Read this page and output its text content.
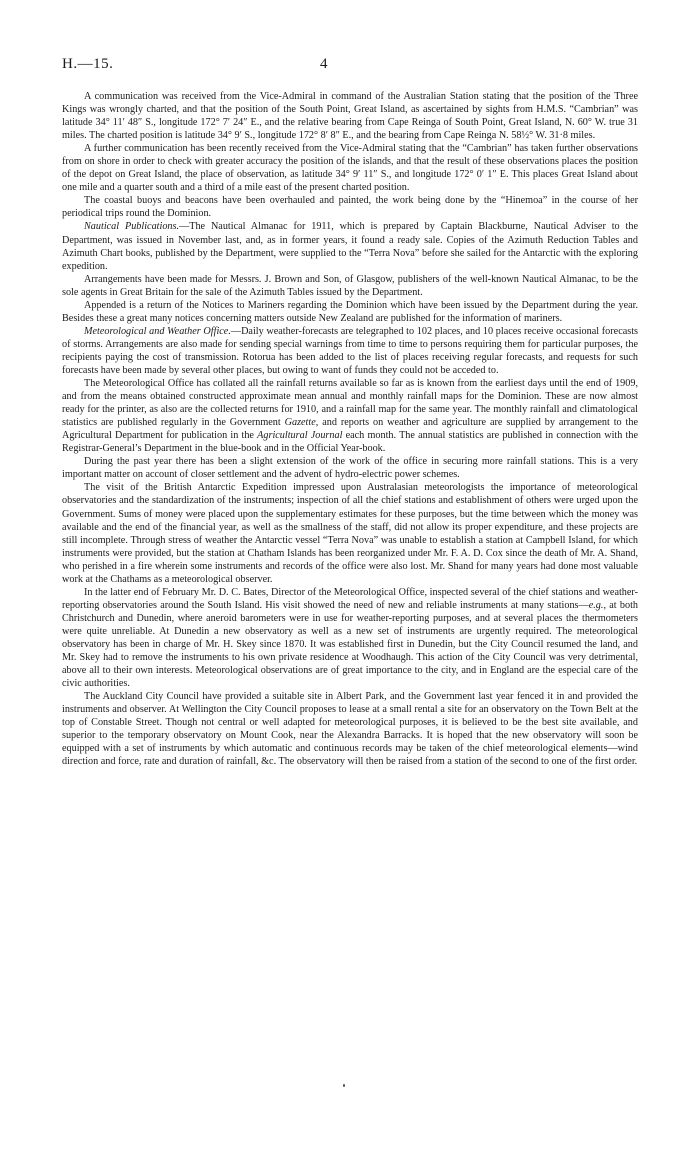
H.—15.	4

A communication was received from the Vice-Admiral in command of the Australian Station stating that the position of the Three Kings was wrongly charted, and that the position of the South Point, Great Island, as ascertained by sights from H.M.S. “Cambrian” was latitude 34° 11′ 48″ S., longitude 172° 7′ 24″ E., and the relative bearing from Cape Reinga of South Point, Great Island, N. 60° W. true 31 miles. The charted position is latitude 34° 9′ S., longitude 172° 8′ 8″ E., and the bearing from Cape Reinga N. 58½° W. 31·8 miles.

A further communication has been recently received from the Vice-Admiral stating that the “Cambrian” has taken further observations from on shore in order to check with greater accuracy the position of the islands, and that the result of these observations places the position of the depot on Great Island, the place of observation, as latitude 34° 9′ 11″ S., and longitude 172° 0′ 1″ E. This places Great Island about one mile and a quarter south and a third of a mile east of the present charted position.

The coastal buoys and beacons have been overhauled and painted, the work being done by the “Hinemoa” in the course of her periodical trips round the Dominion.

Nautical Publications.—The Nautical Almanac for 1911, which is prepared by Captain Blackburne, Nautical Adviser to the Department, was issued in November last, and, as in former years, it found a ready sale. Copies of the Azimuth Reduction Tables and Azimuth Chart books, published by the Department, were supplied to the “Terra Nova” before she sailed for the Antarctic with the exploring expedition.

Arrangements have been made for Messrs. J. Brown and Son, of Glasgow, publishers of the well-known Nautical Almanac, to be the sole agents in Great Britain for the sale of the Azimuth Tables issued by the Department.

Appended is a return of the Notices to Mariners regarding the Dominion which have been issued by the Department during the year. Besides these a great many notices concerning matters outside New Zealand are published for the information of mariners.

Meteorological and Weather Office.—Daily weather-forecasts are telegraphed to 102 places, and 10 places receive occasional forecasts of storms. Arrangements are also made for sending special warnings from time to time to persons requiring them for particular purposes, the recipients paying the cost of transmission. Rotorua has been added to the list of places receiving regular forecasts, and requests for such forecasts have been made by several other places, but owing to want of funds they could not be acceded to.

The Meteorological Office has collated all the rainfall returns available so far as is known from the earliest days until the end of 1909, and from the means obtained constructed approximate mean annual and monthly rainfall maps for the Dominion. These are now almost ready for the printer, as also are the collected returns for 1910, and a rainfall map for the same year. The monthly rainfall and climatological statistics are published regularly in the Government Gazette, and reports on weather and agriculture are supplied by arrangement to the Agricultural Department for publication in the Agricultural Journal each month. The annual statistics are published in connection with the Registrar-General’s Department in the blue-book and in the Official Year-book.

During the past year there has been a slight extension of the work of the office in securing more rainfall stations. This is a very important matter on account of closer settlement and the advent of hydro-electric power schemes.

The visit of the British Antarctic Expedition impressed upon Australasian meteorologists the importance of meteorological observatories and the standardization of the instruments; inspection of all the chief stations and establishment of others were urged upon the Government. Sums of money were placed upon the supplementary estimates for these purposes, but the time between which the money was available and the end of the financial year, as well as the smallness of the staff, did not allow its proper expenditure, and these projects are still incomplete. Through stress of weather the Antarctic vessel “Terra Nova” was unable to establish a station at Campbell Island, for which instruments were provided, but the station at Chatham Islands has been reorganized under Mr. F. A. D. Cox since the death of Mr. A. Shand, who perished in a fire wherein some instruments and records of the office were also lost. Mr. Shand for many years had done most valuable work at the Chathams as a meteorological observer.

In the latter end of February Mr. D. C. Bates, Director of the Meteorological Office, inspected several of the chief stations and weather-reporting observatories around the South Island. His visit showed the need of new and reliable instruments at many stations—e.g., at both Christchurch and Dunedin, where aneroid barometers were in use for weather-reporting purposes, and at several places the thermometers were quite unreliable. At Dunedin a new observatory as well as a new set of instruments are urgently required. The meteorological observatory has been in charge of Mr. H. Skey since 1870. It was established first in Dunedin, but the City Council resumed the land, and Mr. Skey had to remove the instruments to his own private residence at Woodhaugh. This action of the City Council was very detrimental, above all to their own interests. Meteorological observations are of great importance to the city, and in England are the especial care of the civic authorities.

The Auckland City Council have provided a suitable site in Albert Park, and the Government last year fenced it in and provided the instruments and observer. At Wellington the City Council proposes to lease at a small rental a site for an observatory on the Town Belt at the top of Constable Street. Though not central or well adapted for meteorological purposes, it is believed to be the best site available, and superior to the temporary observatory on Mount Cook, near the Alexandra Barracks. It is hoped that the new observatory will soon be equipped with a set of instruments by which automatic and continuous records may be taken of the chief meteorological elements—wind direction and force, rate and duration of rainfall, &c. The observatory will then be raised from a station of the second to one of the first order.
